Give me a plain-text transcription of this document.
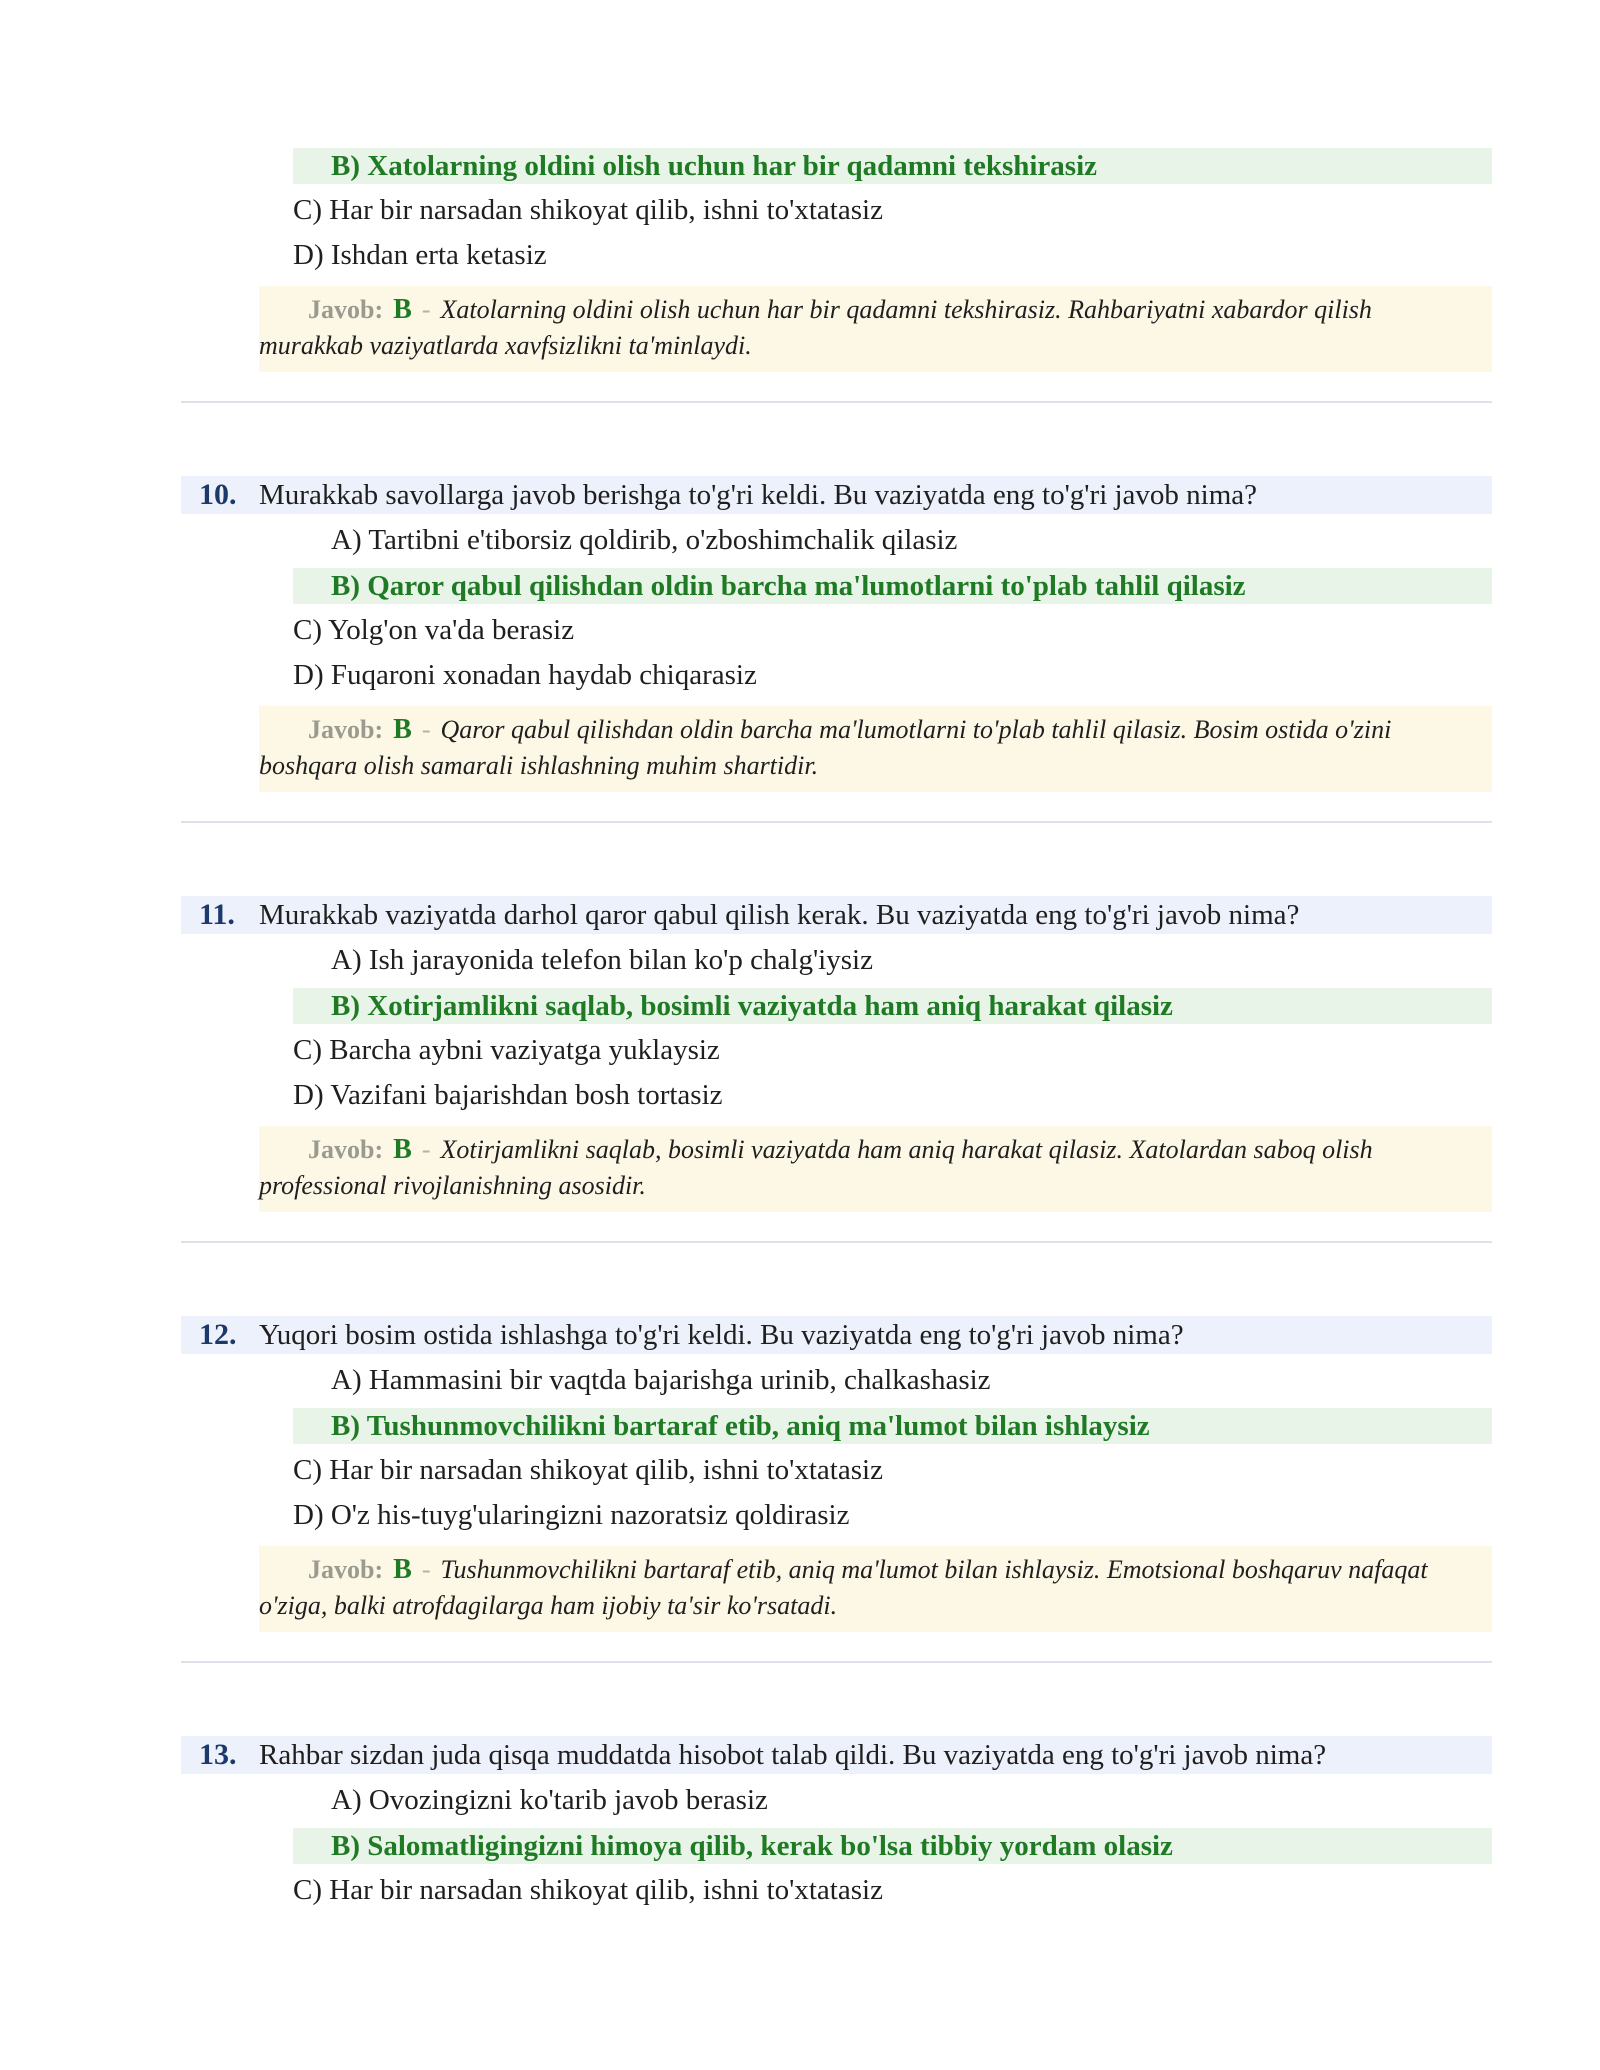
B) Xatolarning oldini olish uchun har bir qadamni tekshirasiz
C) Har bir narsadan shikoyat qilib, ishni to'xtatasiz
D) Ishdan erta ketasiz
Javob: B - Xatolarning oldini olish uchun har bir qadamni tekshirasiz. Rahbariyatni xabardor qilish murakkab vaziyatlarda xavfsizlikni ta'minlaydi.
10. Murakkab savollarga javob berishga to'g'ri keldi. Bu vaziyatda eng to'g'ri javob nima?
A) Tartibni e'tiborsiz qoldirib, o'zboshimchalik qilasiz
B) Qaror qabul qilishdan oldin barcha ma'lumotlarni to'plab tahlil qilasiz
C) Yolg'on va'da berasiz
D) Fuqaroni xonadan haydab chiqarasiz
Javob: B - Qaror qabul qilishdan oldin barcha ma'lumotlarni to'plab tahlil qilasiz. Bosim ostida o'zini boshqara olish samarali ishlashning muhim shartidir.
11. Murakkab vaziyatda darhol qaror qabul qilish kerak. Bu vaziyatda eng to'g'ri javob nima?
A) Ish jarayonida telefon bilan ko'p chalg'iysiz
B) Xotirjamlikni saqlab, bosimli vaziyatda ham aniq harakat qilasiz
C) Barcha aybni vaziyatga yuklaysiz
D) Vazifani bajarishdan bosh tortasiz
Javob: B - Xotirjamlikni saqlab, bosimli vaziyatda ham aniq harakat qilasiz. Xatolardan saboq olish professional rivojlanishning asosidir.
12. Yuqori bosim ostida ishlashga to'g'ri keldi. Bu vaziyatda eng to'g'ri javob nima?
A) Hammasini bir vaqtda bajarishga urinib, chalkashasiz
B) Tushunmovchilikni bartaraf etib, aniq ma'lumot bilan ishlaysiz
C) Har bir narsadan shikoyat qilib, ishni to'xtatasiz
D) O'z his-tuyg'ularingizni nazoratsiz qoldirasiz
Javob: B - Tushunmovchilikni bartaraf etib, aniq ma'lumot bilan ishlaysiz. Emotsional boshqaruv nafaqat o'ziga, balki atrofdagilarga ham ijobiy ta'sir ko'rsatadi.
13. Rahbar sizdan juda qisqa muddatda hisobot talab qildi. Bu vaziyatda eng to'g'ri javob nima?
A) Ovozingizni ko'tarib javob berasiz
B) Salomatligingizni himoya qilib, kerak bo'lsa tibbiy yordam olasiz
C) Har bir narsadan shikoyat qilib, ishni to'xtatasiz
